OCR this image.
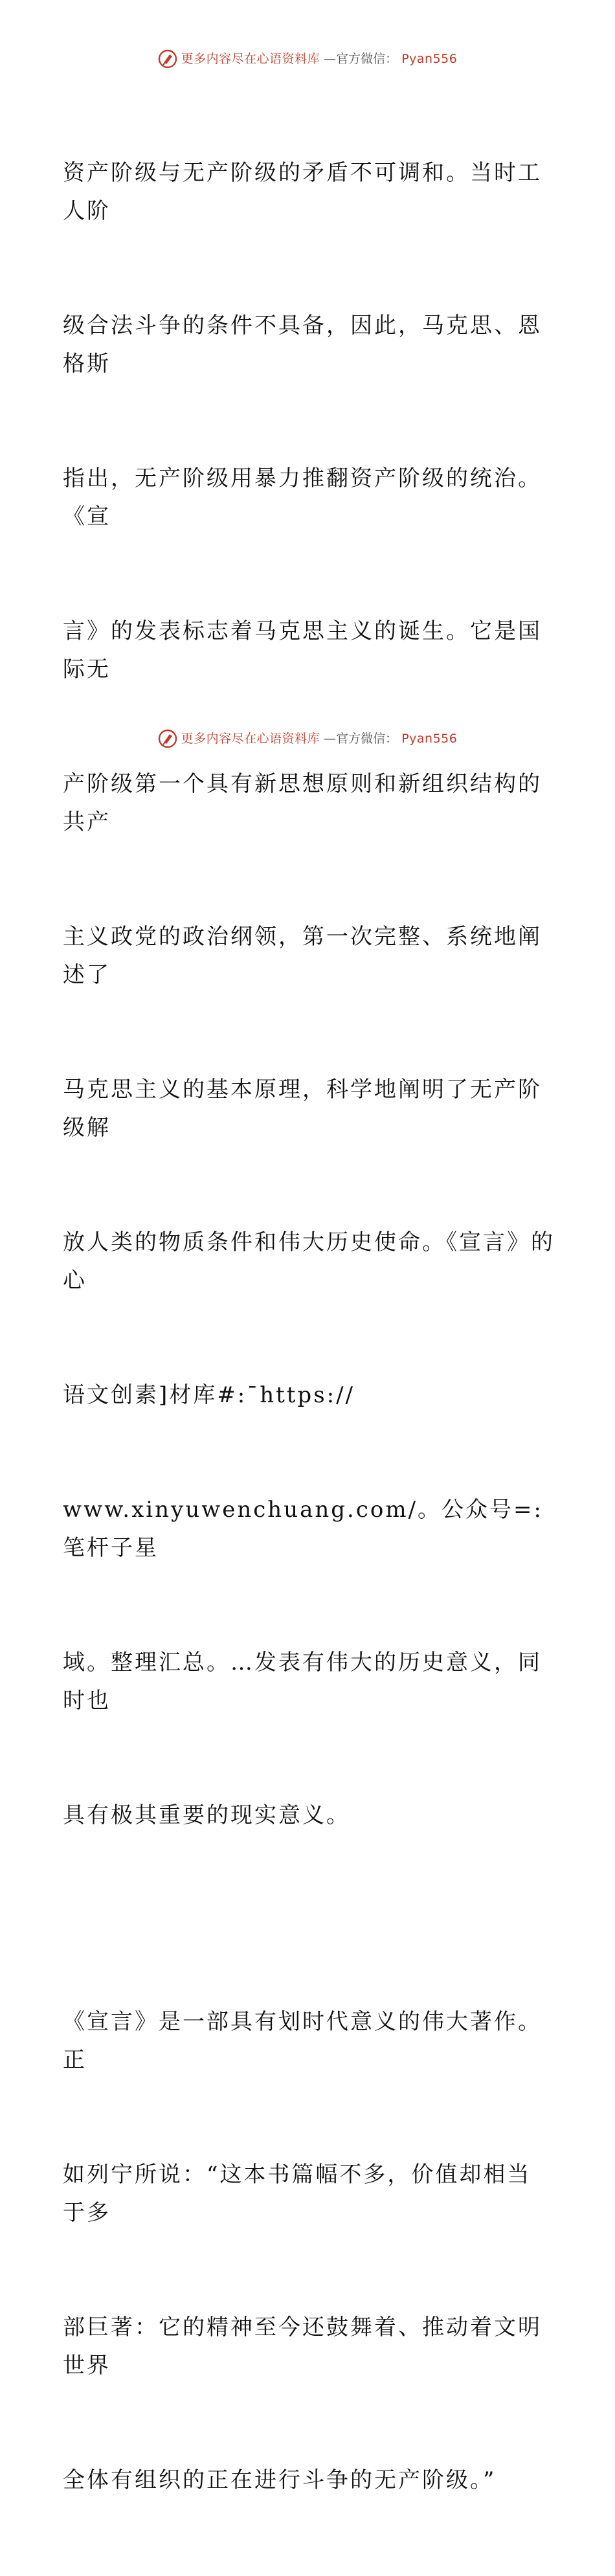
更多内容尽在心语资料库 —官方微信： Pyan556

资产阶级与无产阶级的矛盾不可调和。当时工人阶

级合法斗争的条件不具备，因此，马克思、恩格斯

指出，无产阶级用暴力推翻资产阶级的统治。《宣

言》的发表标志着马克思主义的诞生。它是国际无

产阶级第一个具有新思想原则和新组织结构的共产

主义政党的政治纲领，第一次完整、系统地阐述了

马克思主义的基本原理，科学地阐明了无产阶级解

放人类的物质条件和伟大历史使命。《宣言》的心

语文创素]材库#:¯https://

www.xinyuwenchuang.com/。公众号=:笔杆子星

域。整理汇总。…发表有伟大的历史意义，同时也

具有极其重要的现实意义。

《宣言》是一部具有划时代意义的伟大著作。正

如列宁所说：“这本书篇幅不多，价值却相当于多

部巨著：它的精神至今还鼓舞着、推动着文明世界

全体有组织的正在进行斗争的无产阶级。”

更多内容尽在心语资料库 —官方微信： Pyan556
